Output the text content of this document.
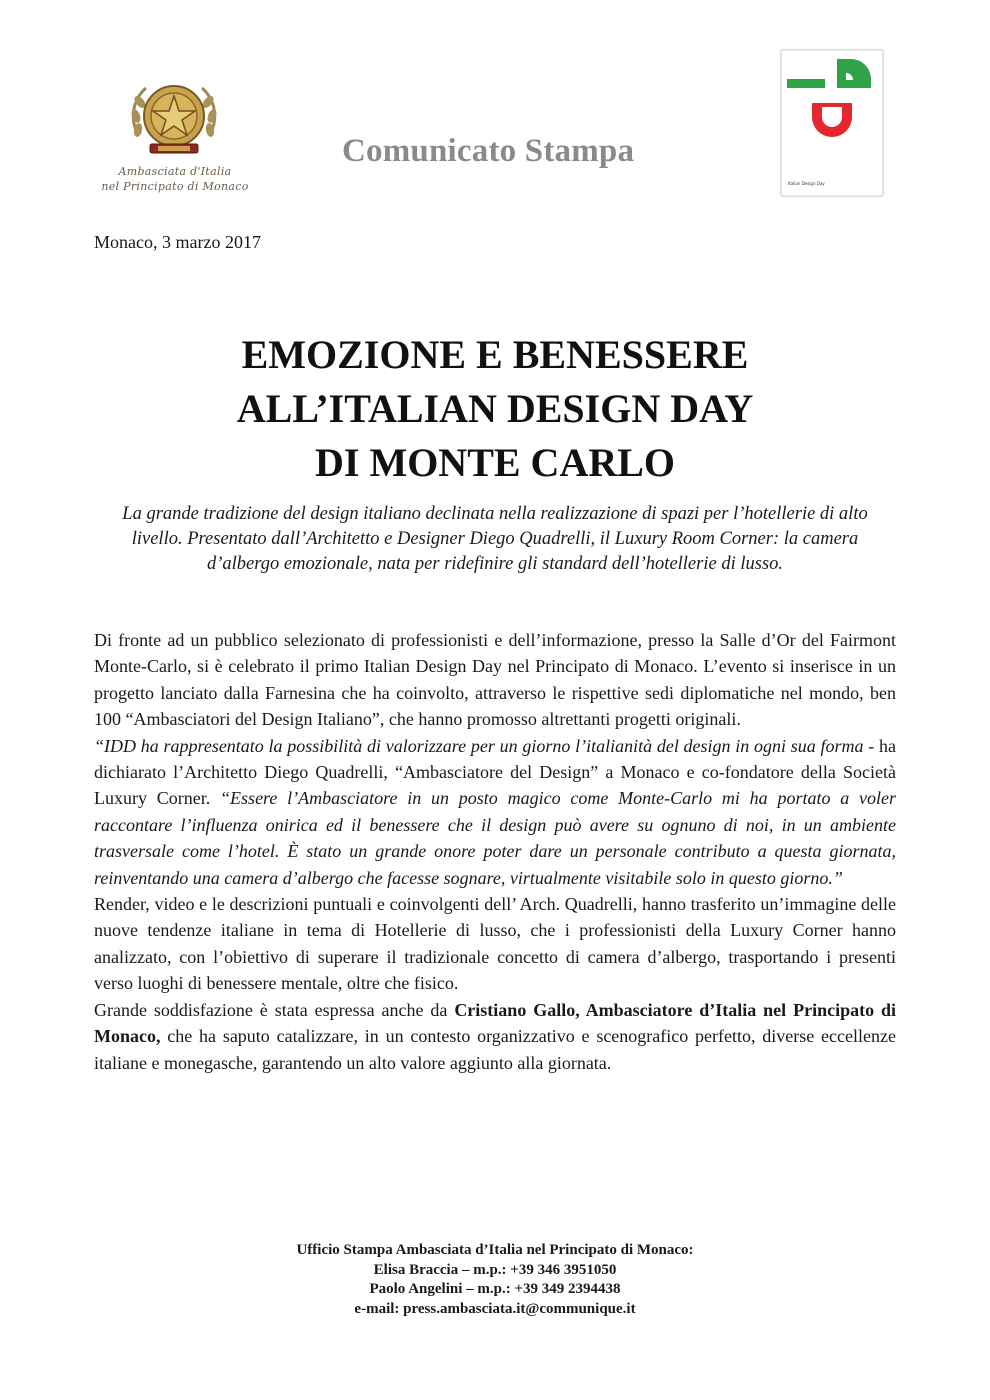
Ambasciata d'Italia
nel Principato di Monaco
Comunicato Stampa
Italian Design Day
Monaco, 3 marzo 2017
EMOZIONE E BENESSERE
ALL’ITALIAN DESIGN DAY
DI MONTE CARLO
La grande tradizione del design italiano declinata nella realizzazione di spazi per l’hotellerie di alto livello. Presentato dall’Architetto e Designer Diego Quadrelli, il Luxury Room Corner: la camera d’albergo emozionale, nata per ridefinire gli standard dell’hotellerie di lusso.

Di fronte ad un pubblico selezionato di professionisti e dell’informazione, presso la Salle d’Or del Fairmont Monte-Carlo, si è celebrato il primo Italian Design Day nel Principato di Monaco. L’evento si inserisce in un progetto lanciato dalla Farnesina che ha coinvolto, attraverso le rispettive sedi diplomatiche nel mondo, ben 100 “Ambasciatori del Design Italiano”, che hanno promosso altrettanti progetti originali.

“IDD ha rappresentato la possibilità di valorizzare per un giorno l’italianità del design in ogni sua forma - ha dichiarato l’Architetto Diego Quadrelli, “Ambasciatore del Design” a Monaco e co-fondatore della Società Luxury Corner. “Essere l’Ambasciatore in un posto magico come Monte-Carlo mi ha portato a voler raccontare l’influenza onirica ed il benessere che il design può avere su ognuno di noi, in un ambiente trasversale come l’hotel. È stato un grande onore poter dare un personale contributo a questa giornata, reinventando una camera d’albergo che facesse sognare, virtualmente visitabile solo in questo giorno.”

Render, video e le descrizioni puntuali e coinvolgenti dell’ Arch. Quadrelli, hanno trasferito un’immagine delle nuove tendenze italiane in tema di Hotellerie di lusso, che i professionisti della Luxury Corner hanno analizzato, con l’obiettivo di superare il tradizionale concetto di camera d’albergo, trasportando i presenti verso luoghi di benessere mentale, oltre che fisico.

Grande soddisfazione è stata espressa anche da Cristiano Gallo, Ambasciatore d’Italia nel Principato di Monaco, che ha saputo catalizzare, in un contesto organizzativo e scenografico perfetto, diverse eccellenze italiane e monegasche, garantendo un alto valore aggiunto alla giornata.

Ufficio Stampa Ambasciata d’Italia nel Principato di Monaco:
Elisa Braccia – m.p.: +39 346 3951050
Paolo Angelini – m.p.: +39 349 2394438
e-mail: press.ambasciata.it@communique.it
